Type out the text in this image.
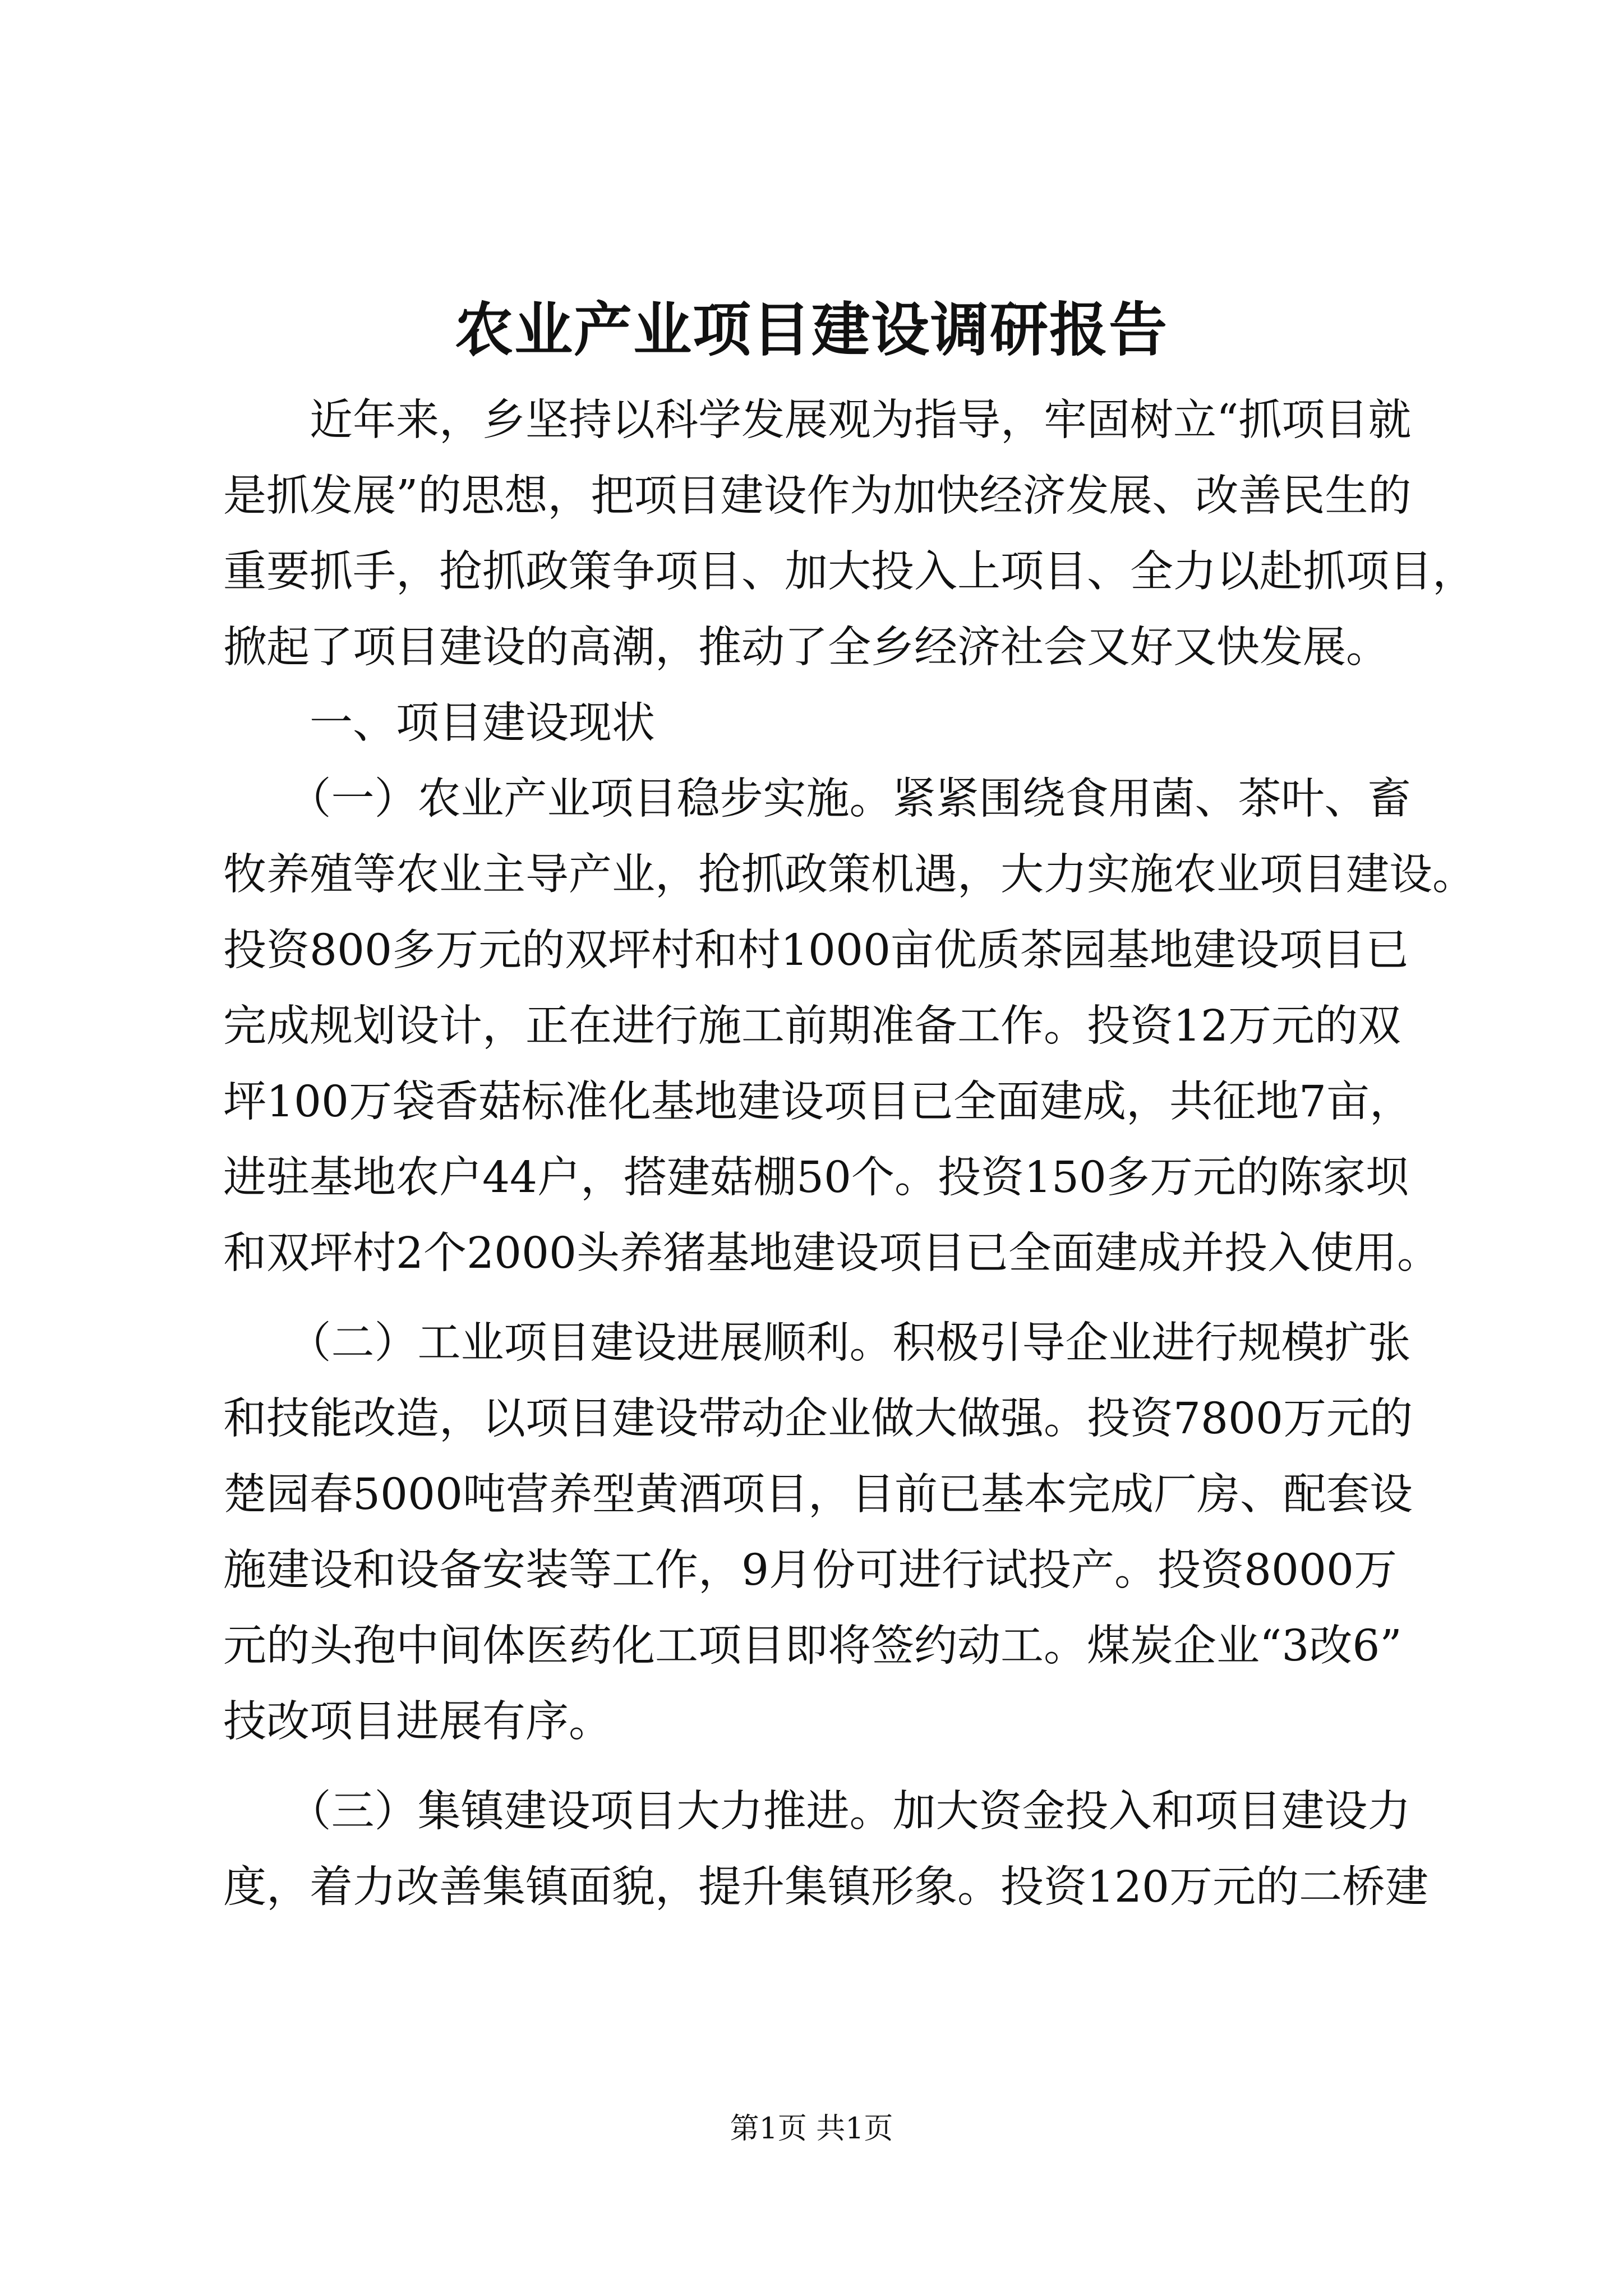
农业产业项目建设调研报告

　　近年来，乡坚持以科学发展观为指导，牢固树立“抓项目就

是抓发展”的思想，把项目建设作为加快经济发展、改善民生的

重要抓手，抢抓政策争项目、加大投入上项目、全力以赴抓项目，

掀起了项目建设的高潮，推动了全乡经济社会又好又快发展。

　　一、项目建设现状

　　（一）农业产业项目稳步实施。紧紧围绕食用菌、茶叶、畜

牧养殖等农业主导产业，抢抓政策机遇，大力实施农业项目建设。

投资800多万元的双坪村和村1000亩优质茶园基地建设项目已

完成规划设计，正在进行施工前期准备工作。投资12万元的双

坪100万袋香菇标准化基地建设项目已全面建成，共征地7亩，

进驻基地农户44户，搭建菇棚50个。投资150多万元的陈家坝

和双坪村2个2000头养猪基地建设项目已全面建成并投入使用。

　　（二）工业项目建设进展顺利。积极引导企业进行规模扩张

和技能改造，以项目建设带动企业做大做强。投资7800万元的

楚园春5000吨营养型黄酒项目，目前已基本完成厂房、配套设

施建设和设备安装等工作，9月份可进行试投产。投资8000万

元的头孢中间体医药化工项目即将签约动工。煤炭企业“3改6”

技改项目进展有序。

　　（三）集镇建设项目大力推进。加大资金投入和项目建设力

度，着力改善集镇面貌，提升集镇形象。投资120万元的二桥建

第1页 共1页
